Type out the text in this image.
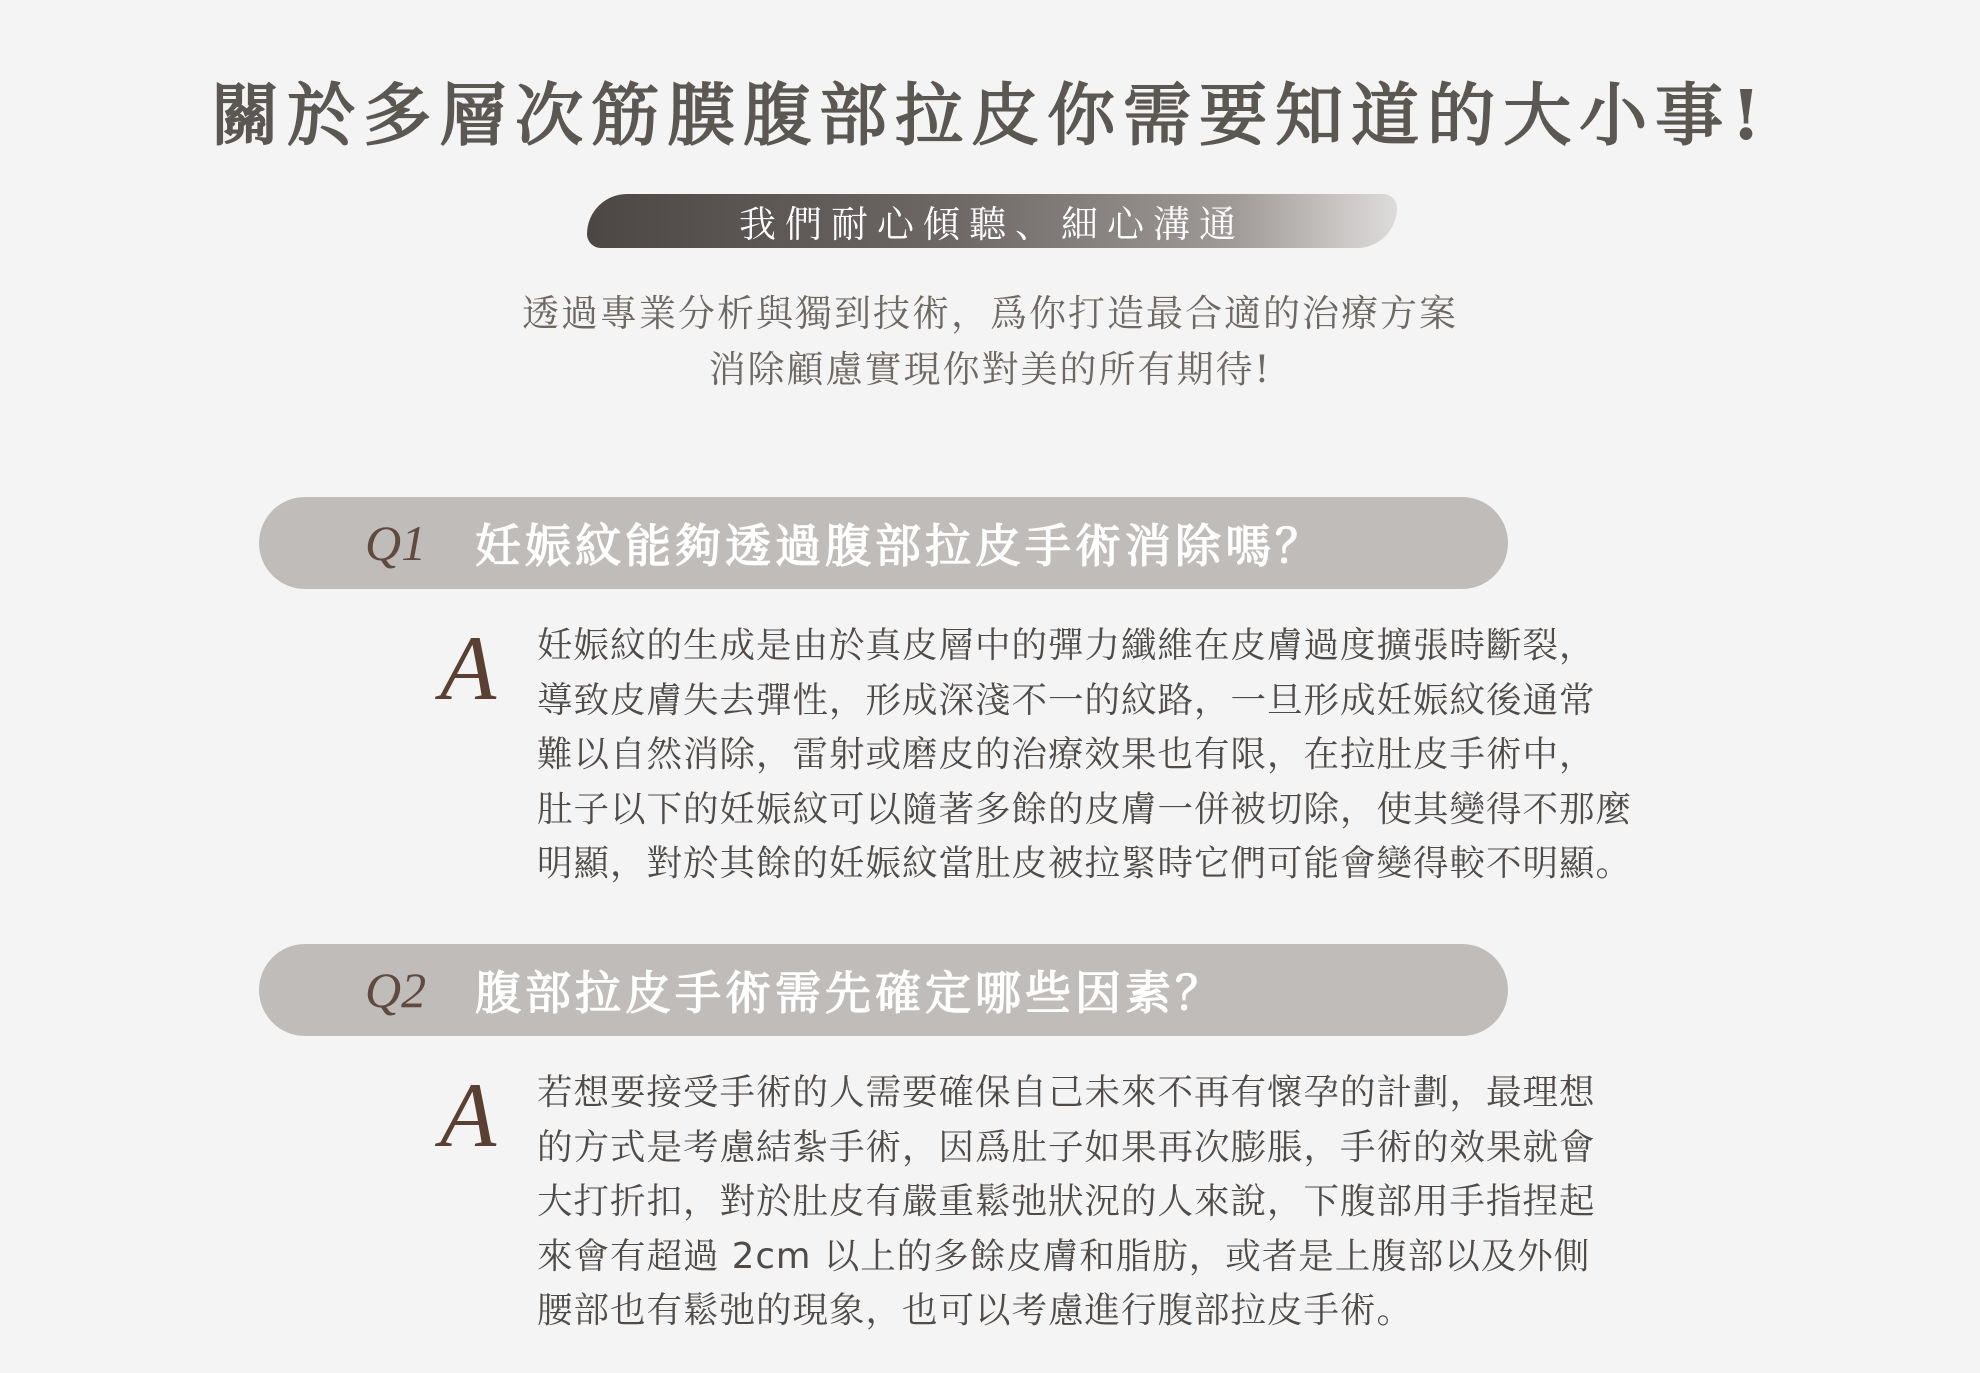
關於多層次筋膜腹部拉皮你需要知道的大小事!
我們耐心傾聽、細心溝通
透過專業分析與獨到技術，爲你打造最合適的治療方案
消除顧慮實現你對美的所有期待!
Q1 妊娠紋能夠透過腹部拉皮手術消除嗎？
A 妊娠紋的生成是由於真皮層中的彈力纖維在皮膚過度擴張時斷裂，
導致皮膚失去彈性，形成深淺不一的紋路，一旦形成妊娠紋後通常
難以自然消除，雷射或磨皮的治療效果也有限，在拉肚皮手術中，
肚子以下的妊娠紋可以隨著多餘的皮膚一併被切除，使其變得不那麼
明顯，對於其餘的妊娠紋當肚皮被拉緊時它們可能會變得較不明顯。
Q2 腹部拉皮手術需先確定哪些因素？
A 若想要接受手術的人需要確保自己未來不再有懷孕的計劃，最理想
的方式是考慮結紮手術，因爲肚子如果再次膨脹，手術的效果就會
大打折扣，對於肚皮有嚴重鬆弛狀況的人來說，下腹部用手指捏起
來會有超過 2cm 以上的多餘皮膚和脂肪，或者是上腹部以及外側
腰部也有鬆弛的現象，也可以考慮進行腹部拉皮手術。
